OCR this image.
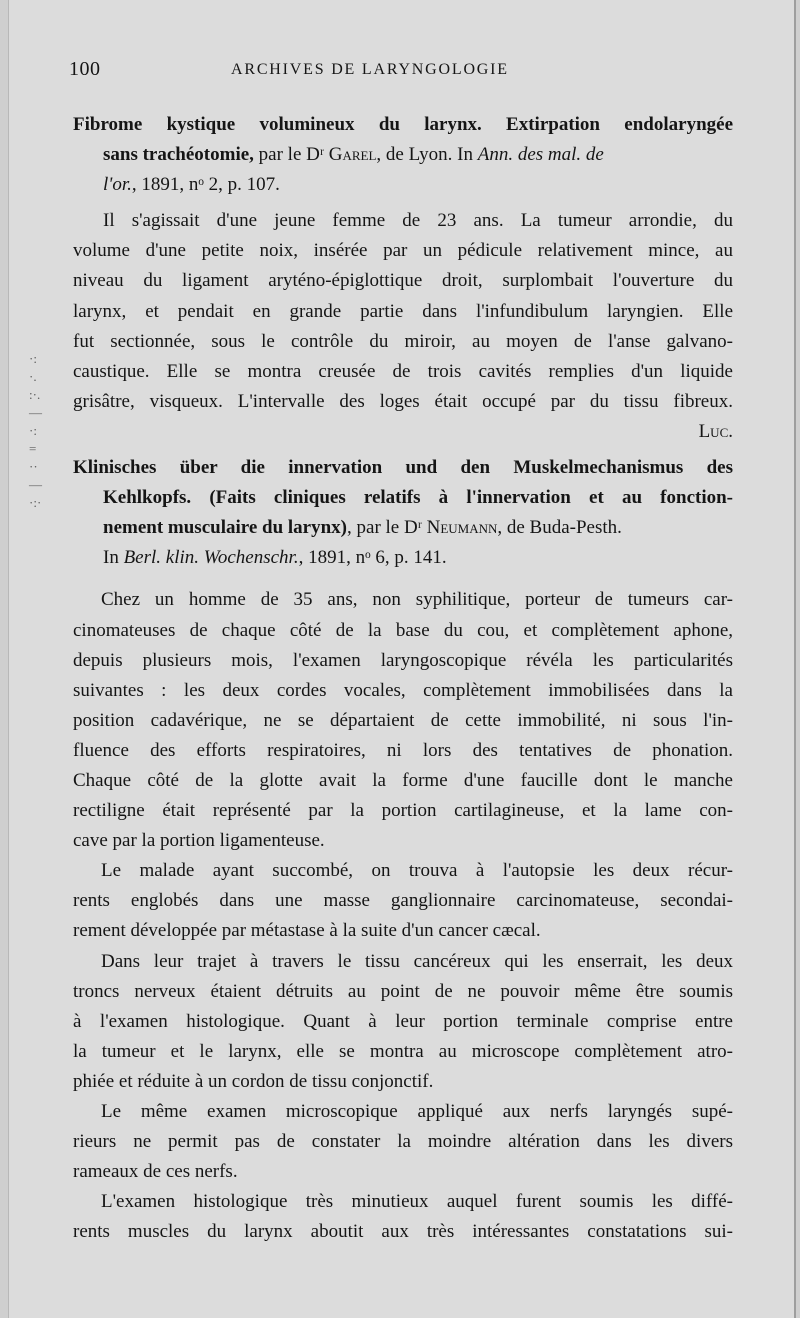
100	ARCHIVES DE LARYNGOLOGIE
·:
·.
:·.
—
·:
=
··
—
·:·
Fibrome kystique volumineux du larynx. Extirpation endolaryngée
sans trachéotomie, par le Dʳ Garel, de Lyon. In Ann. des mal. de
l'or., 1891, nᵒ 2, p. 107.
Il s'agissait d'une jeune femme de 23 ans. La tumeur arrondie, du
volume d'une petite noix, insérée par un pédicule relativement mince, au
niveau du ligament aryténo-épiglottique droit, surplombait l'ouverture du
larynx, et pendait en grande partie dans l'infundibulum laryngien. Elle
fut sectionnée, sous le contrôle du miroir, au moyen de l'anse galvano-
caustique. Elle se montra creusée de trois cavités remplies d'un liquide
grisâtre, visqueux. L'intervalle des loges était occupé par du tissu fibreux.
Luc.
Klinisches über die innervation und den Muskelmechanismus des
Kehlkopfs. (Faits cliniques relatifs à l'innervation et au fonction-
nement musculaire du larynx), par le Dʳ Neumann, de Buda-Pesth.
In Berl. klin. Wochenschr., 1891, nᵒ 6, p. 141.
Chez un homme de 35 ans, non syphilitique, porteur de tumeurs car-
cinomateuses de chaque côté de la base du cou, et complètement aphone,
depuis plusieurs mois, l'examen laryngoscopique révéla les particularités
suivantes : les deux cordes vocales, complètement immobilisées dans la
position cadavérique, ne se départaient de cette immobilité, ni sous l'in-
fluence des efforts respiratoires, ni lors des tentatives de phonation.
Chaque côté de la glotte avait la forme d'une faucille dont le manche
rectiligne était représenté par la portion cartilagineuse, et la lame con-
cave par la portion ligamenteuse.
Le malade ayant succombé, on trouva à l'autopsie les deux récur-
rents englobés dans une masse ganglionnaire carcinomateuse, secondai-
rement développée par métastase à la suite d'un cancer cæcal.
Dans leur trajet à travers le tissu cancéreux qui les enserrait, les deux
troncs nerveux étaient détruits au point de ne pouvoir même être soumis
à l'examen histologique. Quant à leur portion terminale comprise entre
la tumeur et le larynx, elle se montra au microscope complètement atro-
phiée et réduite à un cordon de tissu conjonctif.
Le même examen microscopique appliqué aux nerfs laryngés supé-
rieurs ne permit pas de constater la moindre altération dans les divers
rameaux de ces nerfs.
L'examen histologique très minutieux auquel furent soumis les diffé-
rents muscles du larynx aboutit aux très intéressantes constatations sui-
